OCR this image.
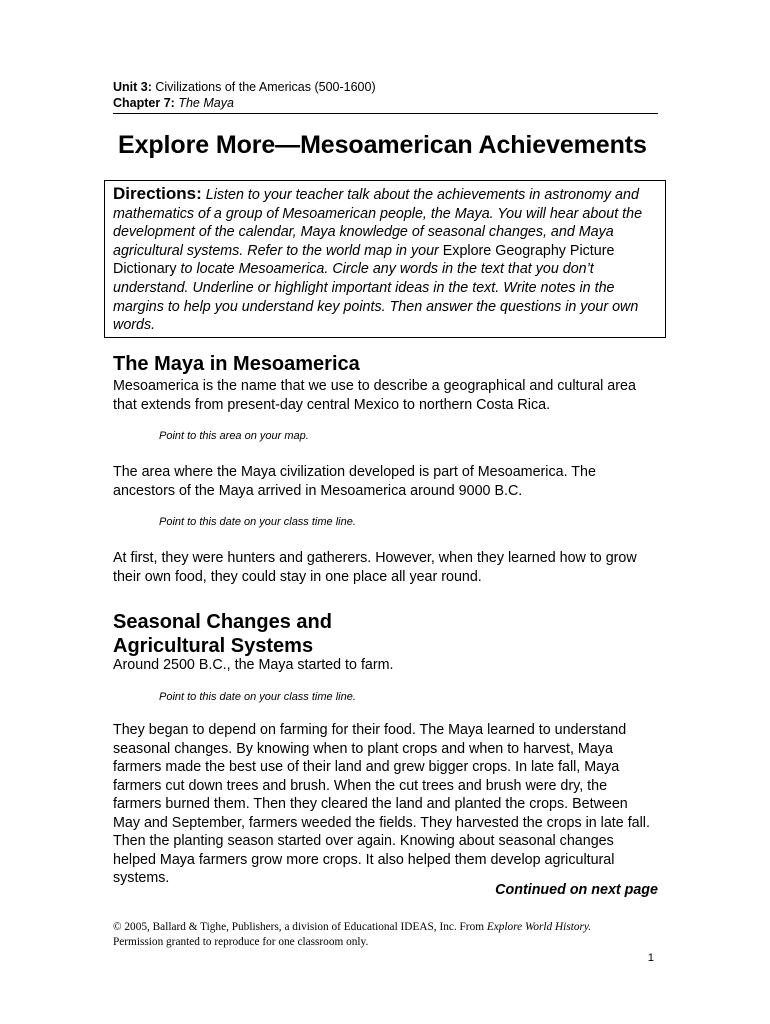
Unit 3: Civilizations of the Americas (500-1600)
Chapter 7: The Maya
Explore More—Mesoamerican Achievements
Directions: Listen to your teacher talk about the achievements in astronomy and mathematics of a group of Mesoamerican people, the Maya. You will hear about the development of the calendar, Maya knowledge of seasonal changes, and Maya agricultural systems. Refer to the world map in your Explore Geography Picture Dictionary to locate Mesoamerica. Circle any words in the text that you don’t understand. Underline or highlight important ideas in the text. Write notes in the margins to help you understand key points. Then answer the questions in your own words.
The Maya in Mesoamerica

Mesoamerica is the name that we use to describe a geographical and cultural area that extends from present-day central Mexico to northern Costa Rica.

Point to this area on your map.

The area where the Maya civilization developed is part of Mesoamerica. The ancestors of the Maya arrived in Mesoamerica around 9000 B.C.

Point to this date on your class time line.

At first, they were hunters and gatherers. However, when they learned how to grow their own food, they could stay in one place all year round.

Seasonal Changes and
Agricultural Systems

Around 2500 B.C., the Maya started to farm.

Point to this date on your class time line.

They began to depend on farming for their food. The Maya learned to understand seasonal changes. By knowing when to plant crops and when to harvest, Maya farmers made the best use of their land and grew bigger crops. In late fall, Maya farmers cut down trees and brush. When the cut trees and brush were dry, the farmers burned them. Then they cleared the land and planted the crops. Between May and September, farmers weeded the fields. They harvested the crops in late fall. Then the planting season started over again. Knowing about seasonal changes helped Maya farmers grow more crops. It also helped them develop agricultural systems.

Continued on next page

© 2005, Ballard & Tighe, Publishers, a division of Educational IDEAS, Inc. From Explore World History.
Permission granted to reproduce for one classroom only.
1
